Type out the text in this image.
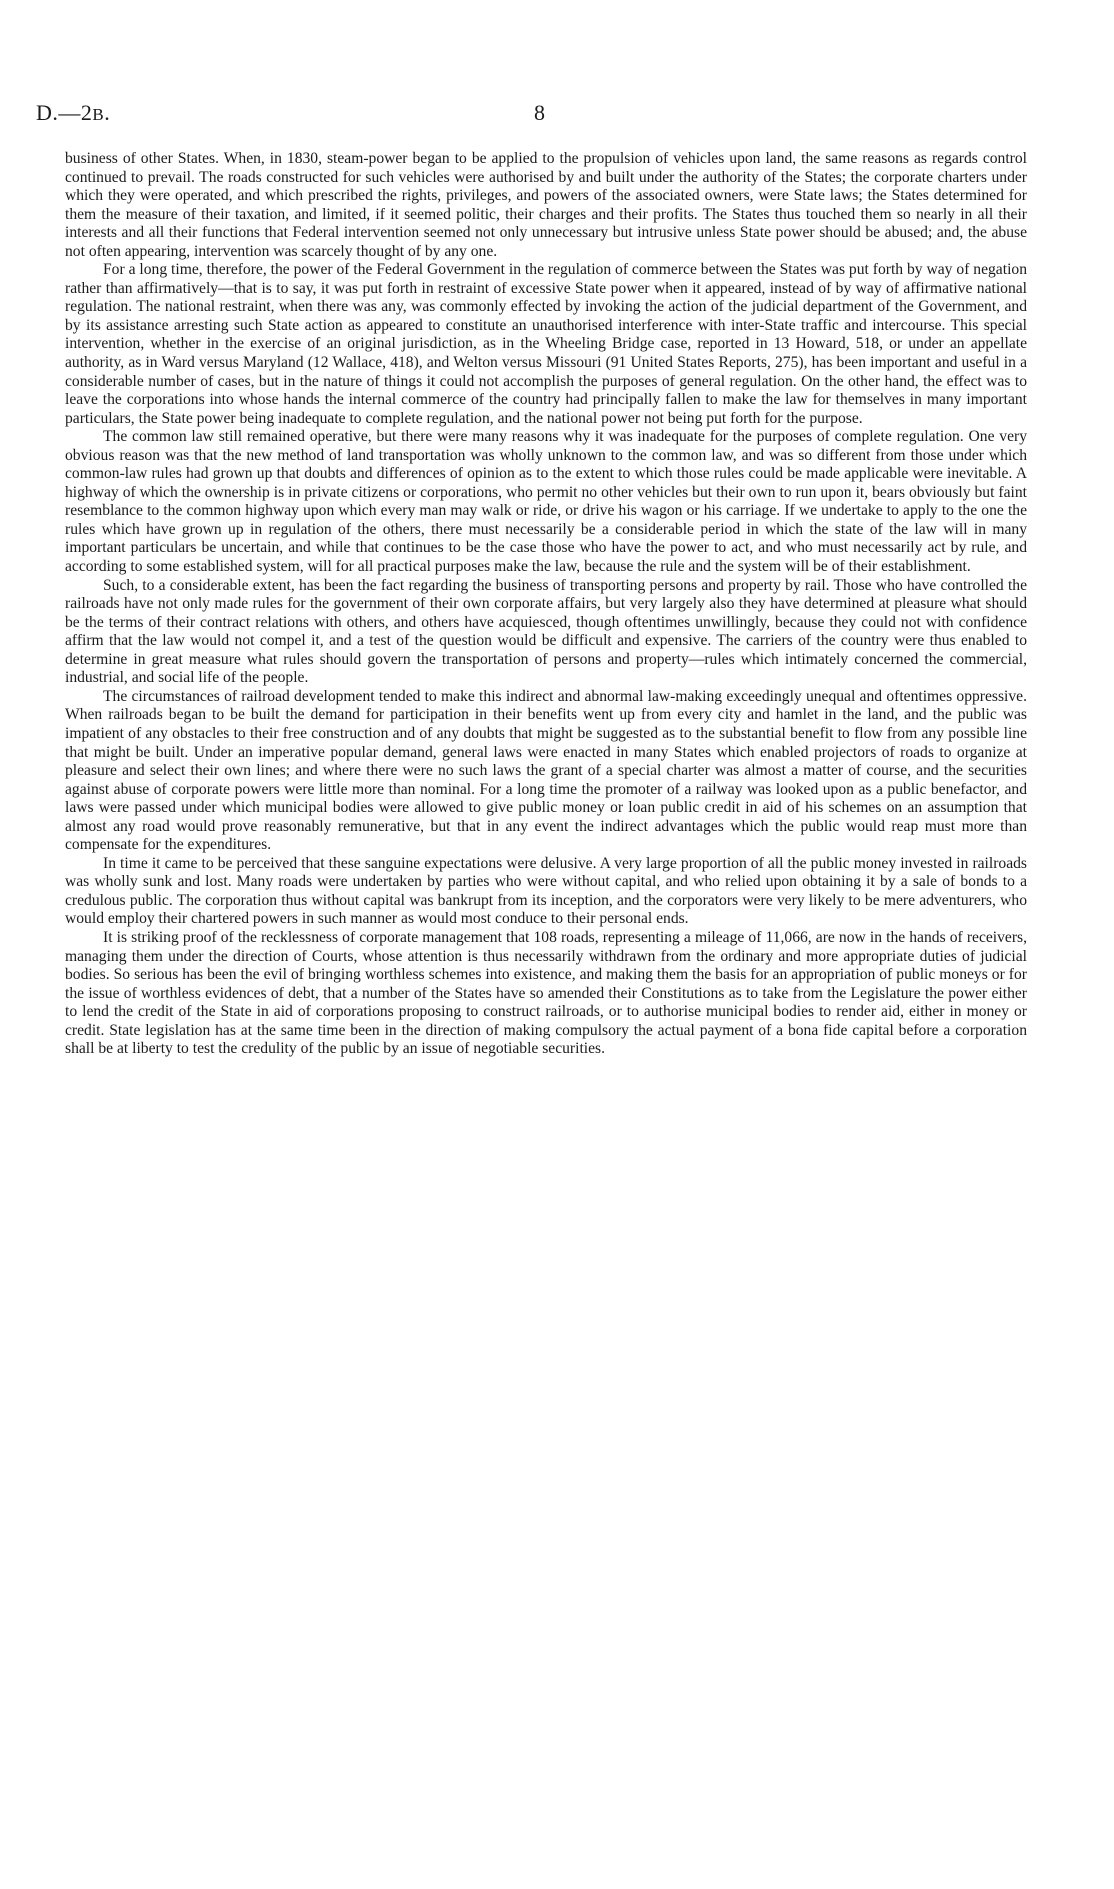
D.—2B.	8

business of other States. When, in 1830, steam-power began to be applied to the propulsion of vehicles upon land, the same reasons as regards control continued to prevail. The roads constructed for such vehicles were authorised by and built under the authority of the States; the corporate charters under which they were operated, and which prescribed the rights, privileges, and powers of the associated owners, were State laws; the States determined for them the measure of their taxation, and limited, if it seemed politic, their charges and their profits. The States thus touched them so nearly in all their interests and all their functions that Federal intervention seemed not only unnecessary but intrusive unless State power should be abused; and, the abuse not often appearing, intervention was scarcely thought of by any one.

For a long time, therefore, the power of the Federal Government in the regulation of commerce between the States was put forth by way of negation rather than affirmatively—that is to say, it was put forth in restraint of excessive State power when it appeared, instead of by way of affirmative national regulation. The national restraint, when there was any, was commonly effected by invoking the action of the judicial department of the Government, and by its assistance arresting such State action as appeared to constitute an unauthorised interference with inter-State traffic and intercourse. This special intervention, whether in the exercise of an original jurisdiction, as in the Wheeling Bridge case, reported in 13 Howard, 518, or under an appellate authority, as in Ward versus Maryland (12 Wallace, 418), and Welton versus Missouri (91 United States Reports, 275), has been important and useful in a considerable number of cases, but in the nature of things it could not accomplish the purposes of general regulation. On the other hand, the effect was to leave the corporations into whose hands the internal commerce of the country had principally fallen to make the law for themselves in many important particulars, the State power being inadequate to complete regulation, and the national power not being put forth for the purpose.

The common law still remained operative, but there were many reasons why it was inadequate for the purposes of complete regulation. One very obvious reason was that the new method of land transportation was wholly unknown to the common law, and was so different from those under which common-law rules had grown up that doubts and differences of opinion as to the extent to which those rules could be made applicable were inevitable. A highway of which the ownership is in private citizens or corporations, who permit no other vehicles but their own to run upon it, bears obviously but faint resemblance to the common highway upon which every man may walk or ride, or drive his wagon or his carriage. If we undertake to apply to the one the rules which have grown up in regulation of the others, there must necessarily be a considerable period in which the state of the law will in many important particulars be uncertain, and while that continues to be the case those who have the power to act, and who must necessarily act by rule, and according to some established system, will for all practical purposes make the law, because the rule and the system will be of their establishment.

Such, to a considerable extent, has been the fact regarding the business of transporting persons and property by rail. Those who have controlled the railroads have not only made rules for the government of their own corporate affairs, but very largely also they have determined at pleasure what should be the terms of their contract relations with others, and others have acquiesced, though oftentimes unwillingly, because they could not with confidence affirm that the law would not compel it, and a test of the question would be difficult and expensive. The carriers of the country were thus enabled to determine in great measure what rules should govern the transportation of persons and property—rules which intimately concerned the commercial, industrial, and social life of the people.

The circumstances of railroad development tended to make this indirect and abnormal law-making exceedingly unequal and oftentimes oppressive. When railroads began to be built the demand for participation in their benefits went up from every city and hamlet in the land, and the public was impatient of any obstacles to their free construction and of any doubts that might be suggested as to the substantial benefit to flow from any possible line that might be built. Under an imperative popular demand, general laws were enacted in many States which enabled projectors of roads to organize at pleasure and select their own lines; and where there were no such laws the grant of a special charter was almost a matter of course, and the securities against abuse of corporate powers were little more than nominal. For a long time the promoter of a railway was looked upon as a public benefactor, and laws were passed under which municipal bodies were allowed to give public money or loan public credit in aid of his schemes on an assumption that almost any road would prove reasonably remunerative, but that in any event the indirect advantages which the public would reap must more than compensate for the expenditures.

In time it came to be perceived that these sanguine expectations were delusive. A very large proportion of all the public money invested in railroads was wholly sunk and lost. Many roads were undertaken by parties who were without capital, and who relied upon obtaining it by a sale of bonds to a credulous public. The corporation thus without capital was bankrupt from its inception, and the corporators were very likely to be mere adventurers, who would employ their chartered powers in such manner as would most conduce to their personal ends.

It is striking proof of the recklessness of corporate management that 108 roads, representing a mileage of 11,066, are now in the hands of receivers, managing them under the direction of Courts, whose attention is thus necessarily withdrawn from the ordinary and more appropriate duties of judicial bodies. So serious has been the evil of bringing worthless schemes into existence, and making them the basis for an appropriation of public moneys or for the issue of worthless evidences of debt, that a number of the States have so amended their Constitutions as to take from the Legislature the power either to lend the credit of the State in aid of corporations proposing to construct railroads, or to authorise municipal bodies to render aid, either in money or credit. State legislation has at the same time been in the direction of making compulsory the actual payment of a bona fide capital before a corporation shall be at liberty to test the credulity of the public by an issue of negotiable securities.
